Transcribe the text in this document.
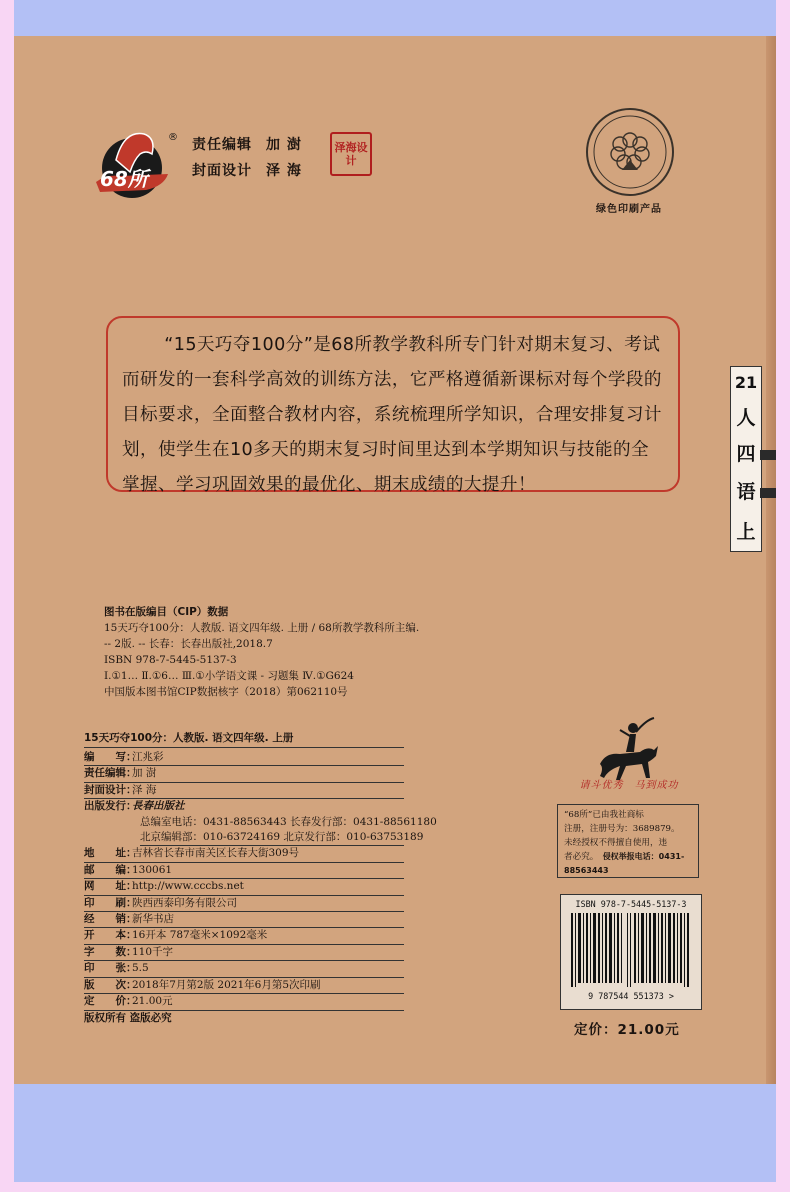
68所
® 责任编辑 加 澍
封面设计 泽 海
泽海设计
绿色印刷产品

“15天巧夺100分”是68所教学教科所专门针对期末复习、考试而研发的一套科学高效的训练方法，它严格遵循新课标对每个学段的目标要求，全面整合教材内容，系统梳理所学知识，合理安排复习计划，使学生在10多天的期末复习时间里达到本学期知识与技能的全掌握、学习巩固效果的最优化、期末成绩的大提升！

21
人
四
语
上
图书在版编目（CIP）数据
15天巧夺100分：人教版. 语文四年级. 上册 / 68所教学教科所主编.
-- 2版. -- 长春：长春出版社,2018.7
ISBN 978-7-5445-5137-3
Ⅰ.①1… Ⅱ.①6… Ⅲ.①小学语文课 - 习题集 Ⅳ.①G624
中国版本图书馆CIP数据核字（2018）第062110号
15天巧夺100分：人教版. 语文四年级. 上册
编　　写：
江兆彩
责任编辑：
加 澍
封面设计：
泽 海
出版发行：
長春出版社
总编室电话：0431-88563443 长春发行部：0431-88561180
北京编辑部：010-63724169 北京发行部：010-63753189
地　　址：
吉林省长春市南关区长春大街309号
邮　　编：
130061
网　　址：
http://www.cccbs.net
印　　刷：
陕西西泰印务有限公司
经　　销：
新华书店
开　　本：
16开本 787毫米×1092毫米
字　　数：
110千字
印　　张：
5.5
版　　次：
2018年7月第2版 2021年6月第5次印刷
定　　价：
21.00元
版权所有 盗版必究
请斗优秀　马到成功
“68所”已由我社商标
注册，注册号为：3689879。
未经授权不得擅自使用，违
者必究。　 侵权举报电话：0431-88563443
ISBN 978-7-5445-5137-3
9 787544 551373 >
定价：21.00元
